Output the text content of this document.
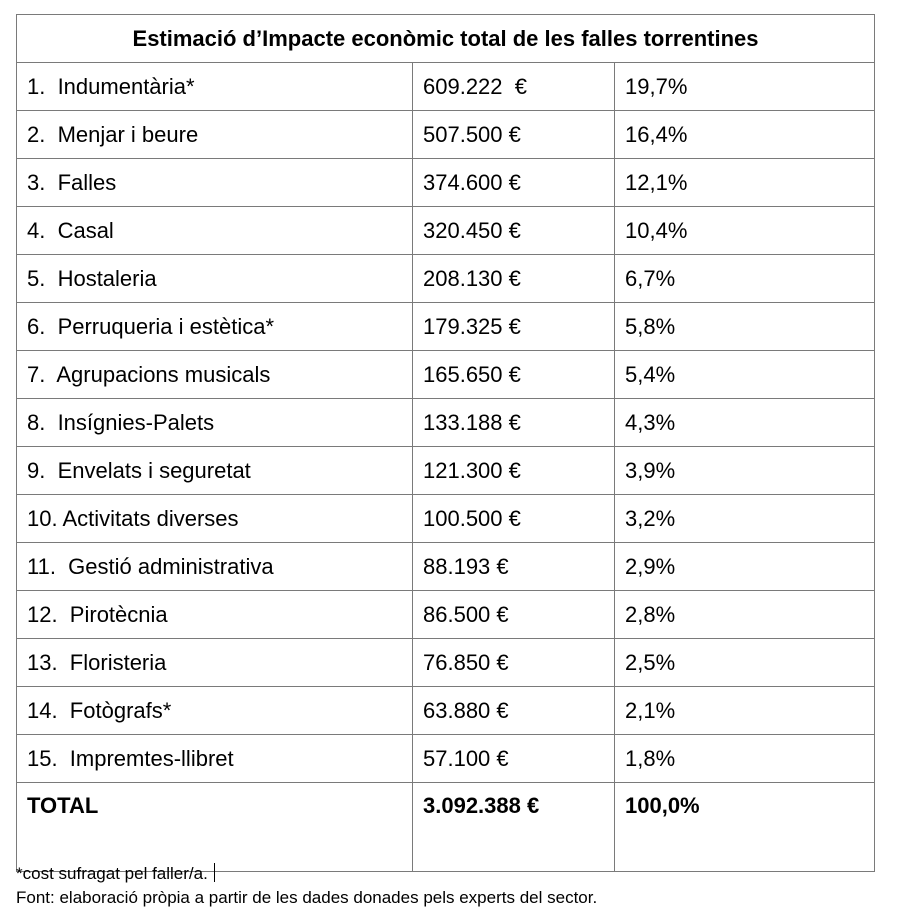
Estimació d’Impacte econòmic total de les falles torrentines		
1.  Indumentària*	609.222  €	19,7%
2.  Menjar i beure	507.500 €	16,4%
3.  Falles	374.600 €	12,1%
4.  Casal	320.450 €	10,4%
5.  Hostaleria	208.130 €	6,7%
6.  Perruqueria i estètica*	179.325 €	5,8%
7.  Agrupacions musicals	165.650 €	5,4%
8.  Insígnies-Palets	133.188 €	4,3%
9.  Envelats i seguretat	121.300 €	3,9%
10. Activitats diverses	100.500 €	3,2%
11.  Gestió administrativa	88.193 €	2,9%
12.  Pirotècnia	86.500 €	2,8%
13.  Floristeria	76.850 €	2,5%
14.  Fotògrafs*	63.880 €	2,1%
15.  Impremtes-llibret	57.100 €	1,8%
TOTAL	3.092.388 €	100,0%
*cost sufragat pel faller/a.
Font: elaboració pròpia a partir de les dades donades pels experts del sector.
